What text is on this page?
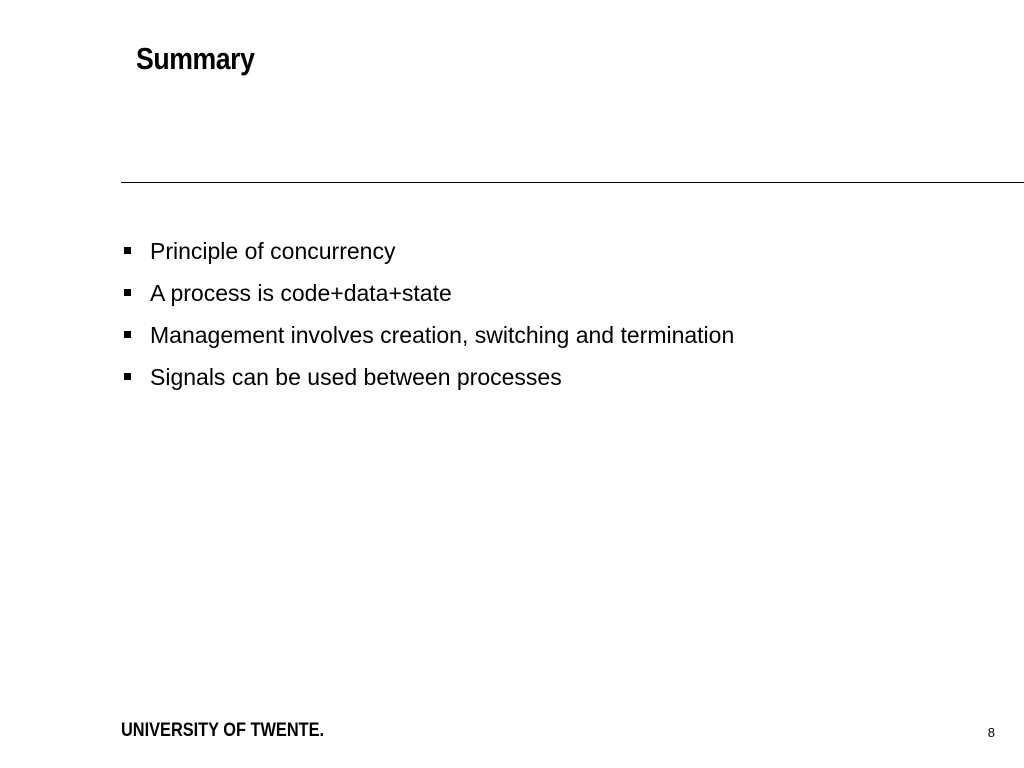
Summary
Principle of concurrency
A process is code+data+state
Management involves creation, switching and termination
Signals can be used between processes
UNIVERSITY OF TWENTE.	8
